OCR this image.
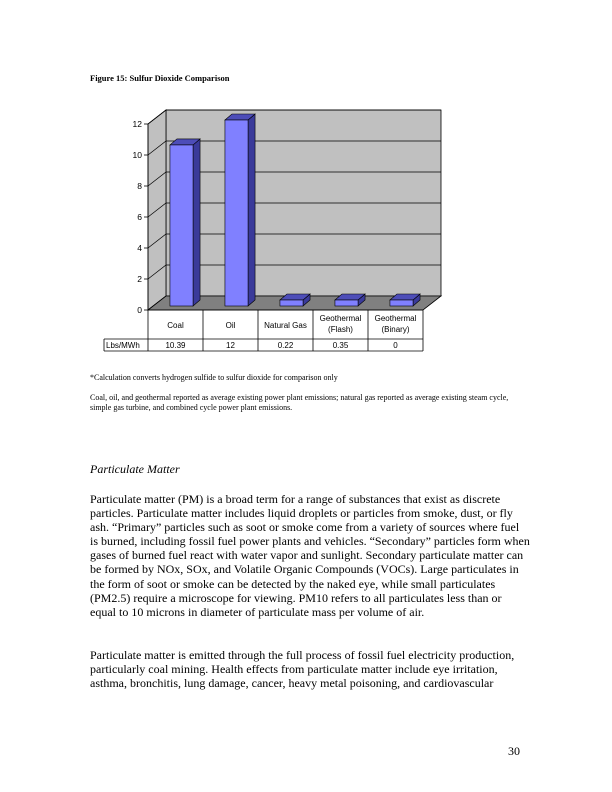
Figure 15: Sulfur Dioxide Comparison
0
2
4
6
8
10
12
Lbs/MWh
Coal
10.39
Oil
12
Natural Gas
0.22
Geothermal (Flash)
0.35
Geothermal (Binary)
0
*Calculation converts hydrogen sulfide to sulfur dioxide for comparison only
Coal, oil, and geothermal reported as average existing power plant emissions; natural gas reported as average existing steam cycle, simple gas turbine, and combined cycle power plant emissions.
Particulate Matter

Particulate matter (PM) is a broad term for a range of substances that exist as discrete particles. Particulate matter includes liquid droplets or particles from smoke, dust, or fly ash. “Primary” particles such as soot or smoke come from a variety of sources where fuel is burned, including fossil fuel power plants and vehicles. “Secondary” particles form when gases of burned fuel react with water vapor and sunlight. Secondary particulate matter can be formed by NOx, SOx, and Volatile Organic Compounds (VOCs). Large particulates in the form of soot or smoke can be detected by the naked eye, while small particulates (PM2.5) require a microscope for viewing. PM10 refers to all particulates less than or equal to 10 microns in diameter of particulate mass per volume of air.

Particulate matter is emitted through the full process of fossil fuel electricity production, particularly coal mining. Health effects from particulate matter include eye irritation, asthma, bronchitis, lung damage, cancer, heavy metal poisoning, and cardiovascular

30
